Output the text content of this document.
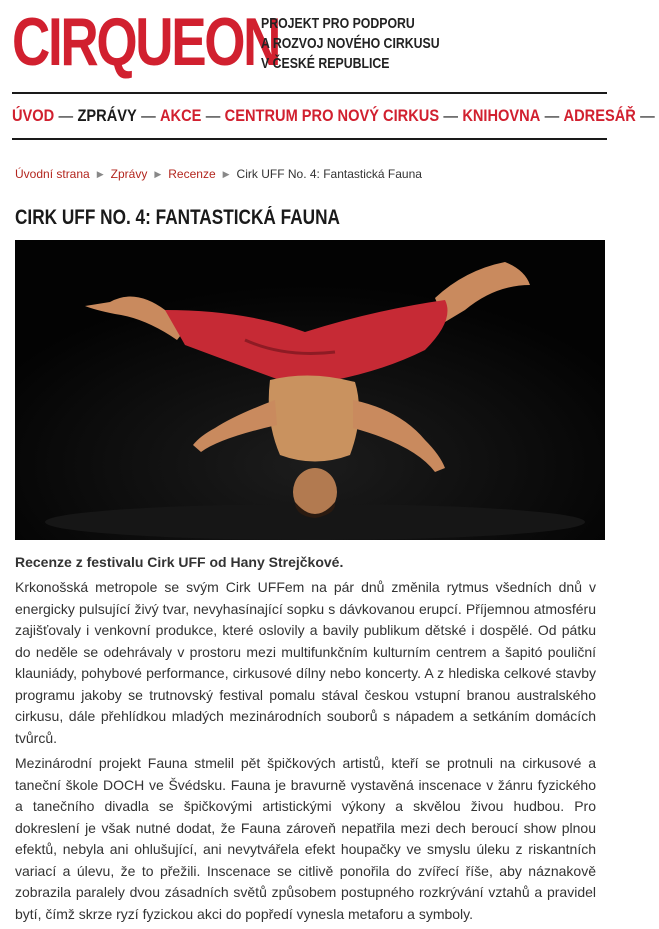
CIRQUEON
PROJEKT PRO PODPORU
A ROZVOJ NOVÉHO CIRKUSU
V ČESKÉ REPUBLICE
ÚVOD — ZPRÁVY — AKCE — CENTRUM PRO NOVÝ CIRKUS — KNIHOVNA — ADRESÁŘ —
Úvodní strana ▶ Zprávy ▶ Recenze ▶ Cirk UFF No. 4: Fantastická Fauna
CIRK UFF NO. 4: FANTASTICKÁ FAUNA

Recenze z festivalu Cirk UFF od Hany Strejčkové.

Krkonošská metropole se svým Cirk UFFem na pár dnů změnila rytmus všedních dnů v energicky pulsující živý tvar, nevyhasínající sopku s dávkovanou erupcí. Příjemnou atmosféru zajišťovaly i venkovní produkce, které oslovily a bavily publikum dětské i dospělé. Od pátku do neděle se odehrávaly v prostoru mezi multifunkčním kulturním centrem a šapitó pouliční klauniády, pohybové performance, cirkusové dílny nebo koncerty. A z hlediska celkové stavby programu jakoby se trutnovský festival pomalu stával českou vstupní branou australského cirkusu, dále přehlídkou mladých mezinárodních souborů s nápadem a setkáním domácích tvůrců.

Mezinárodní projekt Fauna stmelil pět špičkových artistů, kteří se protnuli na cirkusové a taneční škole DOCH ve Švédsku. Fauna je bravurně vystavěná inscenace v žánru fyzického a tanečního divadla se špičkovými artistickými výkony a skvělou živou hudbou. Pro dokreslení je však nutné dodat, že Fauna zároveň nepatřila mezi dech beroucí show plnou efektů, nebyla ani ohlušující, ani nevytvářela efekt houpačky ve smyslu úleku z riskantních variací a úlevu, že to přežili. Inscenace se citlivě ponořila do zvířecí říše, aby náznakově zobrazila paralely dvou zásadních světů způsobem postupného rozkrývání vztahů a pravidel bytí, čímž skrze ryzí fyzickou akci do popředí vynesla metaforu a symboly.
